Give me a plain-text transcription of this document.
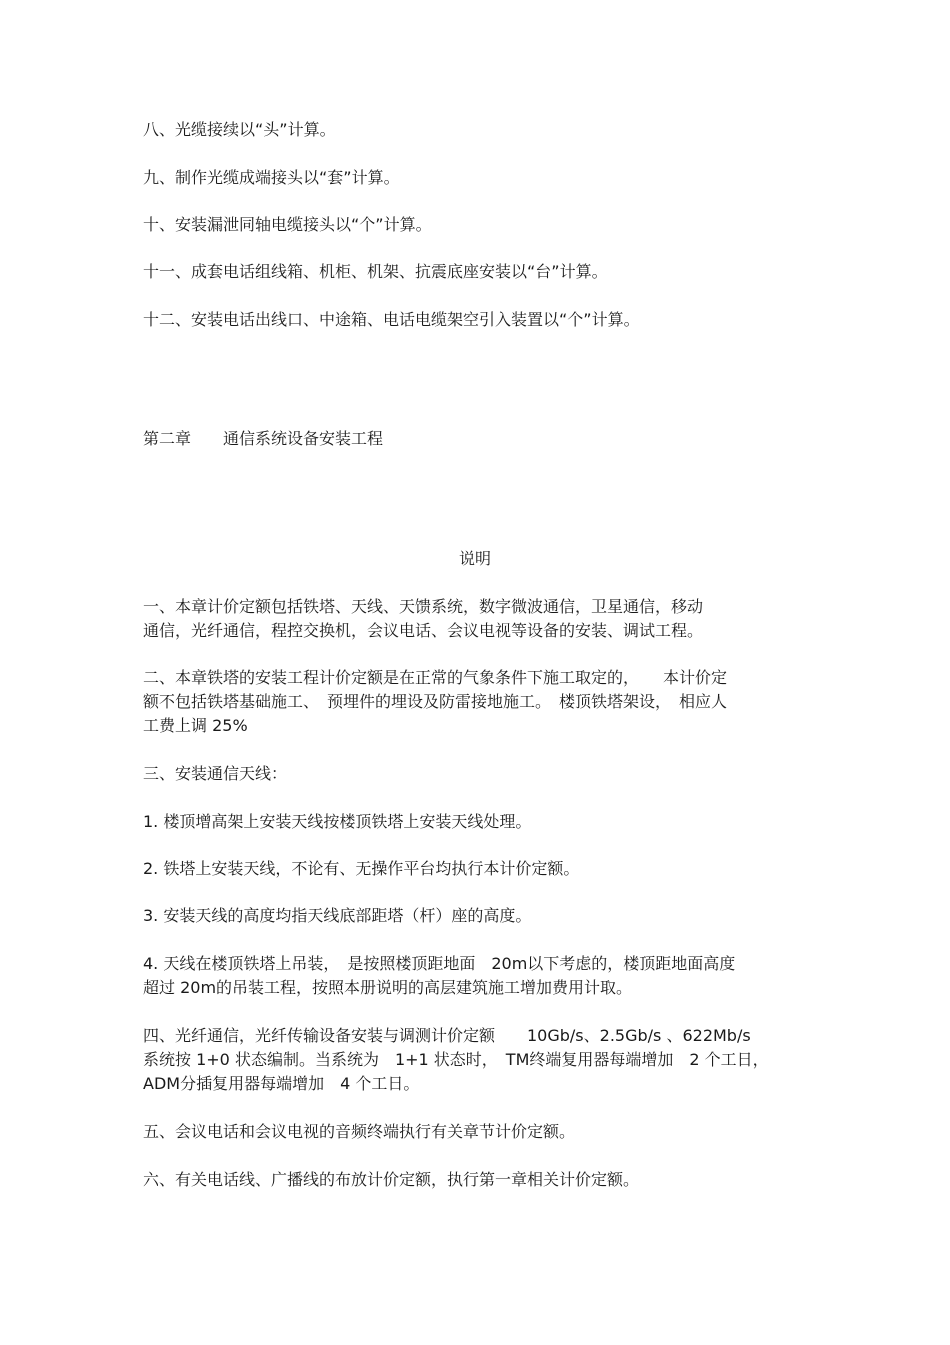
八、光缆接续以“头”计算。

九、制作光缆成端接头以“套”计算。

十、安装漏泄同轴电缆接头以“个”计算。

十一、成套电话组线箱、机柜、机架、抗震底座安装以“台”计算。

十二、安装电话出线口、中途箱、电话电缆架空引入装置以“个”计算。

第二章 通信系统设备安装工程

说明

一、本章计价定额包括铁塔、天线、天馈系统，数字微波通信，卫星通信，移动
通信，光纤通信，程控交换机，会议电话、会议电视等设备的安装、调试工程。
二、本章铁塔的安装工程计价定额是在正常的气象条件下施工取定的，　　本计价定
额不包括铁塔基础施工、　预埋件的埋设及防雷接地施工。　楼顶铁塔架设，　相应人
工费上调 25%

三、安装通信天线：

1. 楼顶增高架上安装天线按楼顶铁塔上安装天线处理。

2. 铁塔上安装天线，不论有、无操作平台均执行本计价定额。

3. 安装天线的高度均指天线底部距塔（杆）座的高度。

4. 天线在楼顶铁塔上吊装，　是按照楼顶距地面　20m以下考虑的，楼顶距地面高度
超过 20m的吊装工程，按照本册说明的高层建筑施工增加费用计取。
四、光纤通信，光纤传输设备安装与调测计价定额　　10Gb/s、2.5Gb/s 、622Mb/s
系统按 1+0 状态编制。当系统为　1+1 状态时，　TM终端复用器每端增加　2 个工日，
ADM分插复用器每端增加　4 个工日。

五、会议电话和会议电视的音频终端执行有关章节计价定额。

六、有关电话线、广播线的布放计价定额，执行第一章相关计价定额。
